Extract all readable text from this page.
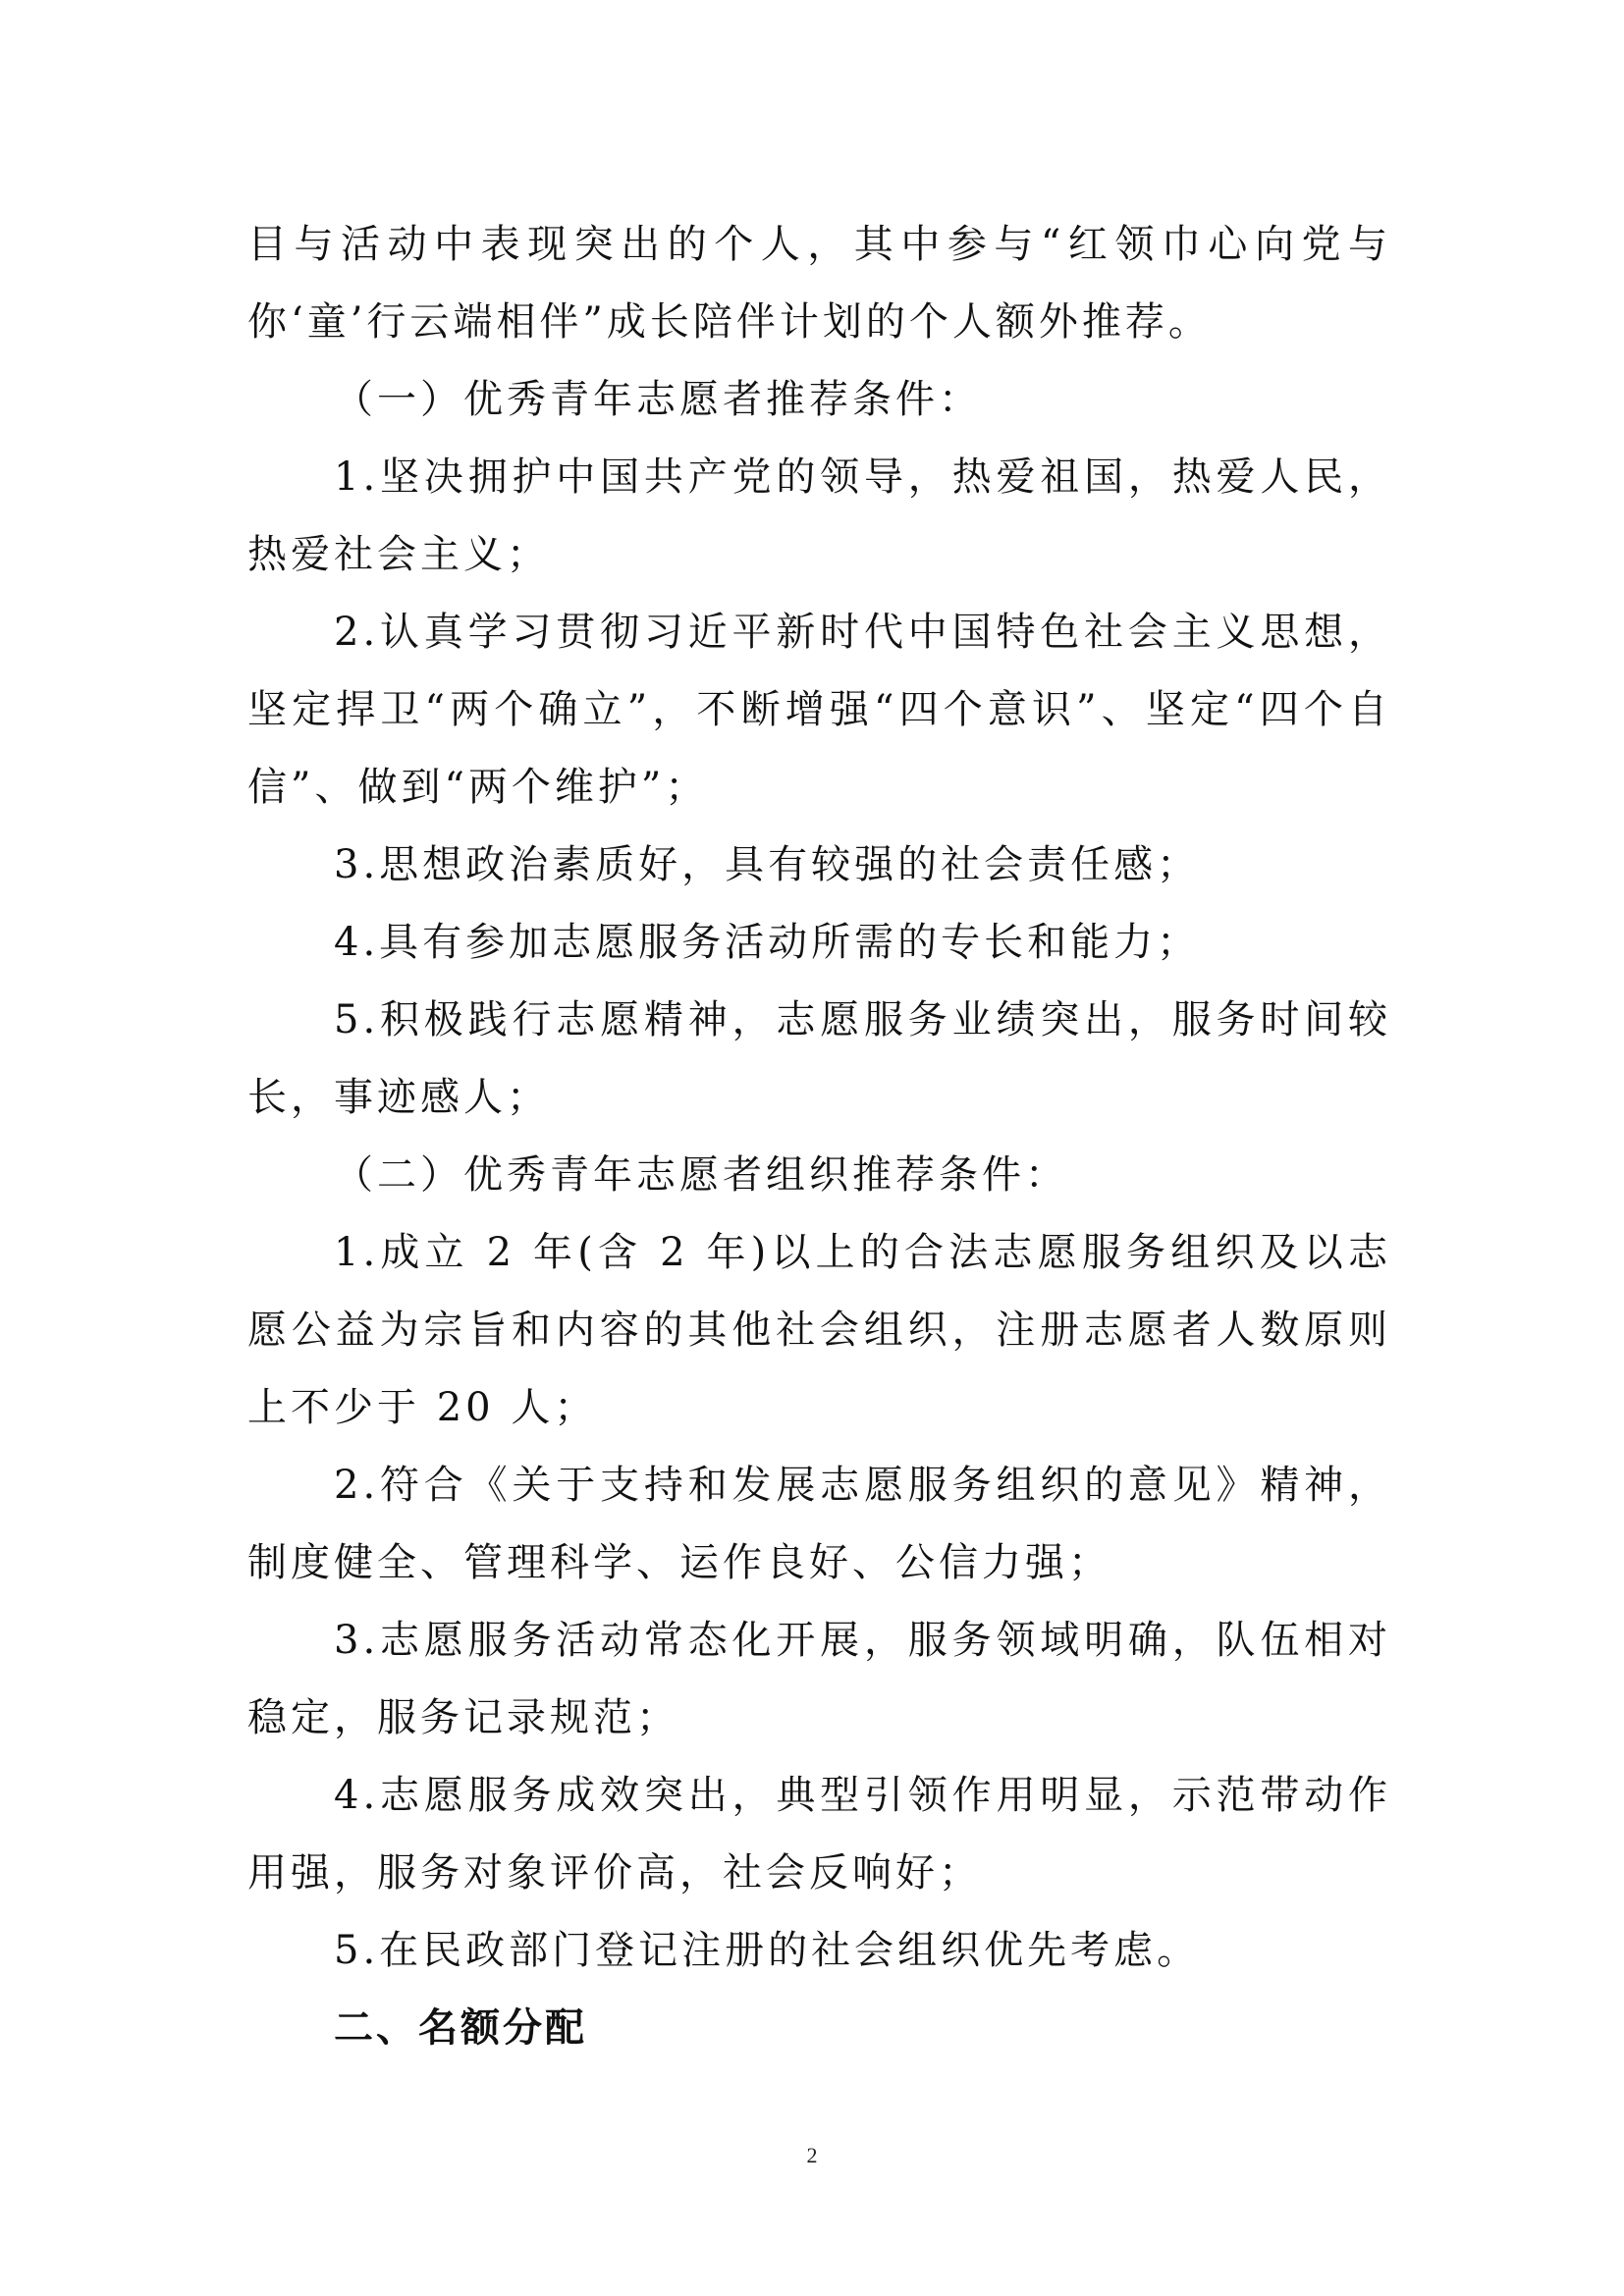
目与活动中表现突出的个人，其中参与“红领巾心向党与你‘童’行云端相伴”成长陪伴计划的个人额外推荐。

（一）优秀青年志愿者推荐条件：

1.坚决拥护中国共产党的领导，热爱祖国，热爱人民，热爱社会主义；

2.认真学习贯彻习近平新时代中国特色社会主义思想，坚定捍卫“两个确立”，不断增强“四个意识”、坚定“四个自信”、做到“两个维护”；

3.思想政治素质好，具有较强的社会责任感；

4.具有参加志愿服务活动所需的专长和能力；

5.积极践行志愿精神，志愿服务业绩突出，服务时间较长，事迹感人；

（二）优秀青年志愿者组织推荐条件：

1.成立 2 年(含 2 年)以上的合法志愿服务组织及以志愿公益为宗旨和内容的其他社会组织，注册志愿者人数原则上不少于 20 人；

2.符合《关于支持和发展志愿服务组织的意见》精神，制度健全、管理科学、运作良好、公信力强；

3.志愿服务活动常态化开展，服务领域明确，队伍相对稳定，服务记录规范；

4.志愿服务成效突出，典型引领作用明显，示范带动作用强，服务对象评价高，社会反响好；

5.在民政部门登记注册的社会组织优先考虑。

二、名额分配

2
